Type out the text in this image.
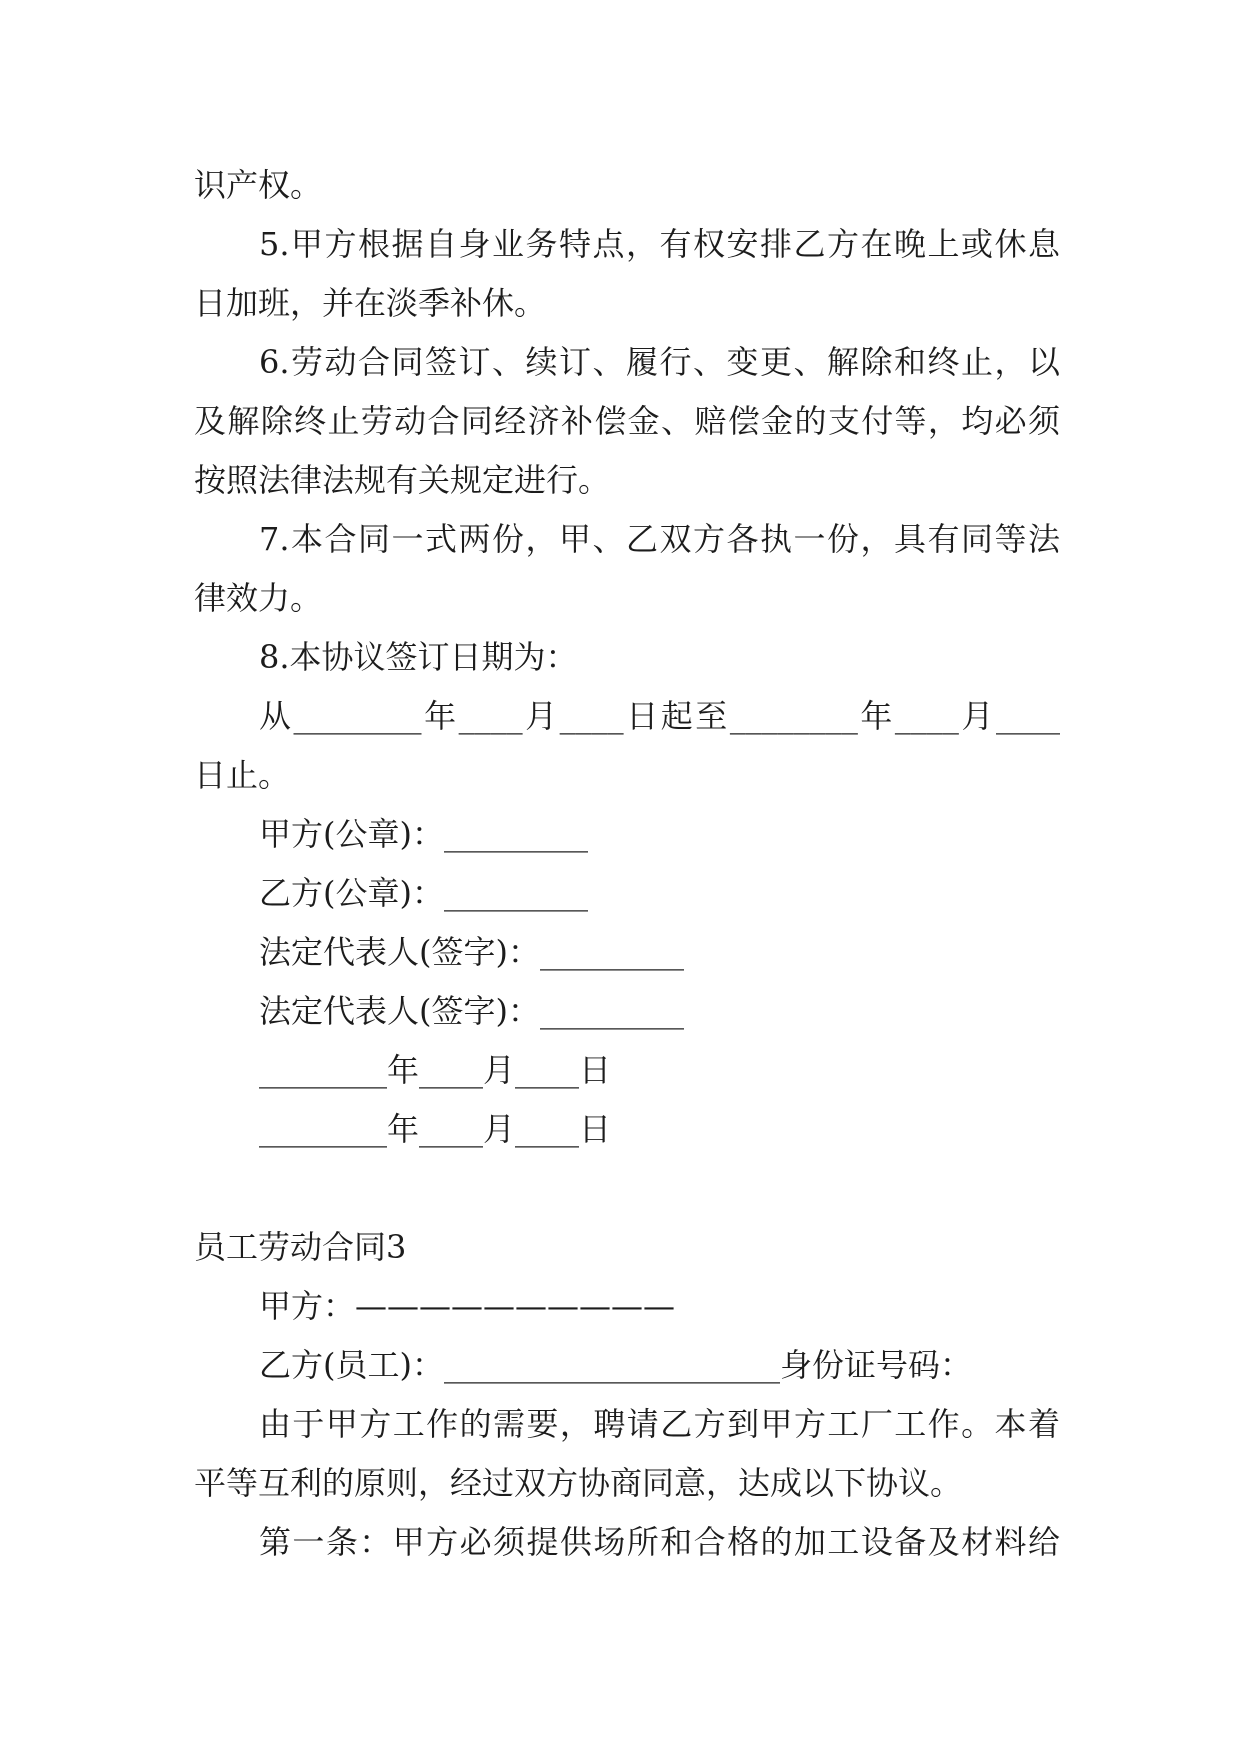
识产权。
5.甲方根据自身业务特点，有权安排乙方在晚上或休息
日加班，并在淡季补休。
6.劳动合同签订、续订、履行、变更、解除和终止，以
及解除终止劳动合同经济补偿金、赔偿金的支付等，均必须
按照法律法规有关规定进行。
7.本合同一式两份，甲、乙双方各执一份，具有同等法
律效力。
8.本协议签订日期为：
从________年____月____日起至________年____月____
日止。
甲方(公章)：_________
乙方(公章)：_________
法定代表人(签字)：_________
法定代表人(签字)：_________
________年____月____日
________年____月____日
员工劳动合同3
甲方：——————————
乙方(员工)：_____________________身份证号码：
由于甲方工作的需要，聘请乙方到甲方工厂工作。本着
平等互利的原则，经过双方协商同意，达成以下协议。
第一条：甲方必须提供场所和合格的加工设备及材料给
